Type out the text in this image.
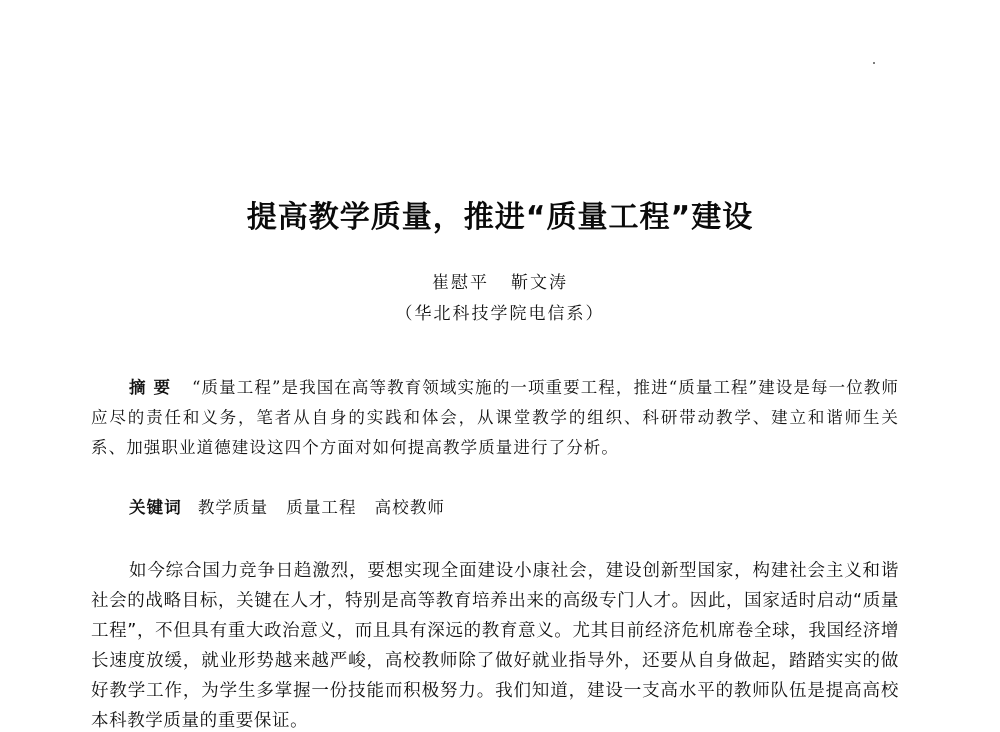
提高教学质量，推进“质量工程”建设
崔慰平 靳文涛
（华北科技学院电信系）
摘要 “质量工程”是我国在高等教育领域实施的一项重要工程，推进“质量工程”建设是每一位教师应尽的责任和义务，笔者从自身的实践和体会，从课堂教学的组织、科研带动教学、建立和谐师生关系、加强职业道德建设这四个方面对如何提高教学质量进行了分析。
关键词 教学质量 质量工程 高校教师
如今综合国力竞争日趋激烈，要想实现全面建设小康社会，建设创新型国家，构建社会主义和谐社会的战略目标，关键在人才，特别是高等教育培养出来的高级专门人才。因此，国家适时启动“质量工程”，不但具有重大政治意义，而且具有深远的教育意义。尤其目前经济危机席卷全球，我国经济增长速度放缓，就业形势越来越严峻，高校教师除了做好就业指导外，还要从自身做起，踏踏实实的做好教学工作，为学生多掌握一份技能而积极努力。我们知道，建设一支高水平的教师队伍是提高高校本科教学质量的重要保证。
